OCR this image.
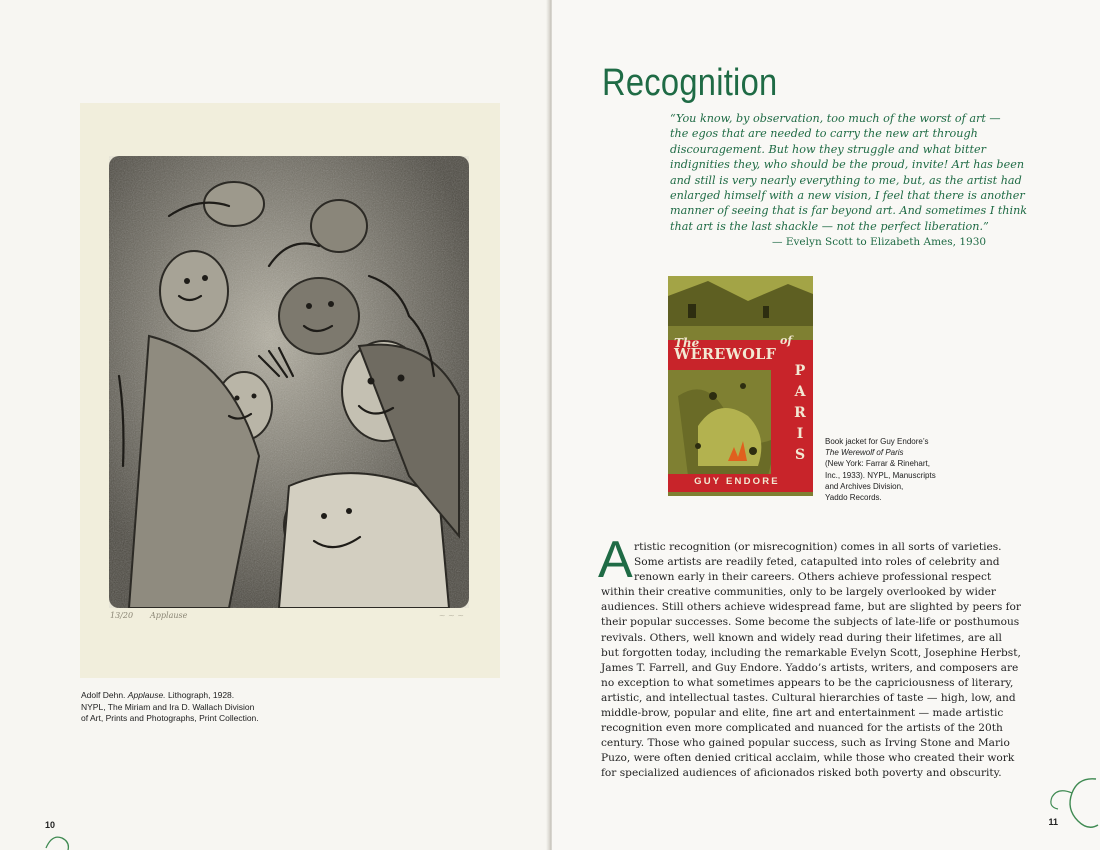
13/20 Applause	~ ~ ~
Adolf Dehn. Applause. Lithograph, 1928.
NYPL, The Miriam and Ira D. Wallach Division
of Art, Prints and Photographs, Print Collection.
10
Recognition
“You know, by observation, too much of the worst of art —
the egos that are needed to carry the new art through
discouragement. But how they struggle and what bitter
indignities they, who should be the proud, invite! Art has been
and still is very nearly everything to me, but, as the artist had
enlarged himself with a new vision, I feel that there is another
manner of seeing that is far beyond art. And sometimes I think
that art is the last shackle — not the perfect liberation.”
— Evelyn Scott to Elizabeth Ames, 1930
The
WEREWOLF
of
P
A
R
I
S
GUY ENDORE
Book jacket for Guy Endore’s
The Werewolf of Paris
(New York: Farrar & Rinehart,
Inc., 1933). NYPL, Manuscripts
and Archives Division,
Yaddo Records.
A rtistic recognition (or misrecognition) comes in all sorts of varieties.
Some artists are readily feted, catapulted into roles of celebrity and
renown early in their careers. Others achieve professional respect
within their creative communities, only to be largely overlooked by wider
audiences. Still others achieve widespread fame, but are slighted by peers for
their popular successes. Some become the subjects of late-life or posthumous
revivals. Others, well known and widely read during their lifetimes, are all
but forgotten today, including the remarkable Evelyn Scott, Josephine Herbst,
James T. Farrell, and Guy Endore. Yaddo’s artists, writers, and composers are
no exception to what sometimes appears to be the capriciousness of literary,
artistic, and intellectual tastes. Cultural hierarchies of taste — high, low, and
middle-brow, popular and elite, fine art and entertainment — made artistic
recognition even more complicated and nuanced for the artists of the 20th
century. Those who gained popular success, such as Irving Stone and Mario
Puzo, were often denied critical acclaim, while those who created their work
for specialized audiences of aficionados risked both poverty and obscurity.
11
